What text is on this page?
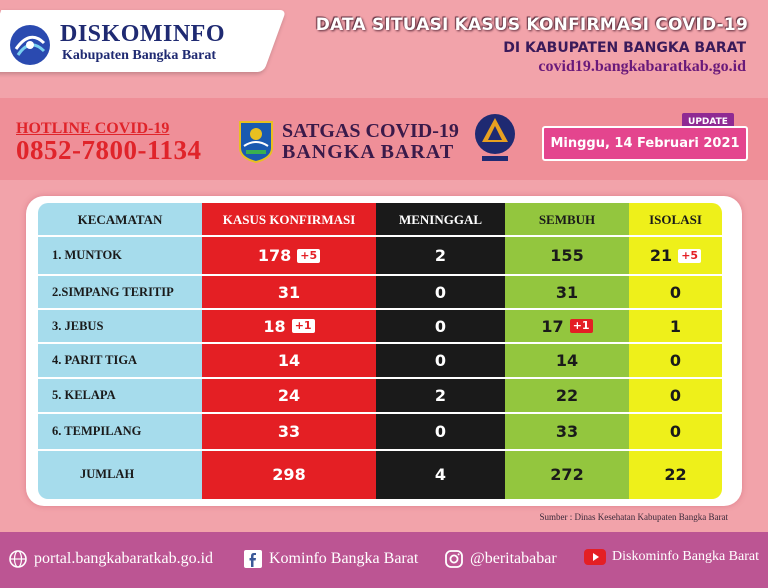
DISKOMINFO
Kabupaten Bangka Barat
DATA SITUASI KASUS KONFIRMASI COVID-19
DI KABUPATEN BANGKA BARAT
covid19.bangkabaratkab.go.id
HOTLINE COVID-19
0852-7800-1134
SATGAS COVID-19
BANGKA BARAT
UPDATE
Minggu, 14 Februari 2021
KECAMATAN	KASUS KONFIRMASI	MENINGGAL	SEMBUH	ISOLASI
1. MUNTOK	178 +5	2	155	21 +5
2.SIMPANG TERITIP	31	0	31	0
3. JEBUS	18 +1	0	17 +1	1
4. PARIT TIGA	14	0	14	0
5. KELAPA	24	2	22	0
6. TEMPILANG	33	0	33	0
JUMLAH	298	4	272	22
Sumber : Dinas Kesehatan Kabupaten Bangka Barat
portal.bangkabaratkab.go.id	Kominfo Bangka Barat	@beritababar	Diskominfo Bangka Barat
